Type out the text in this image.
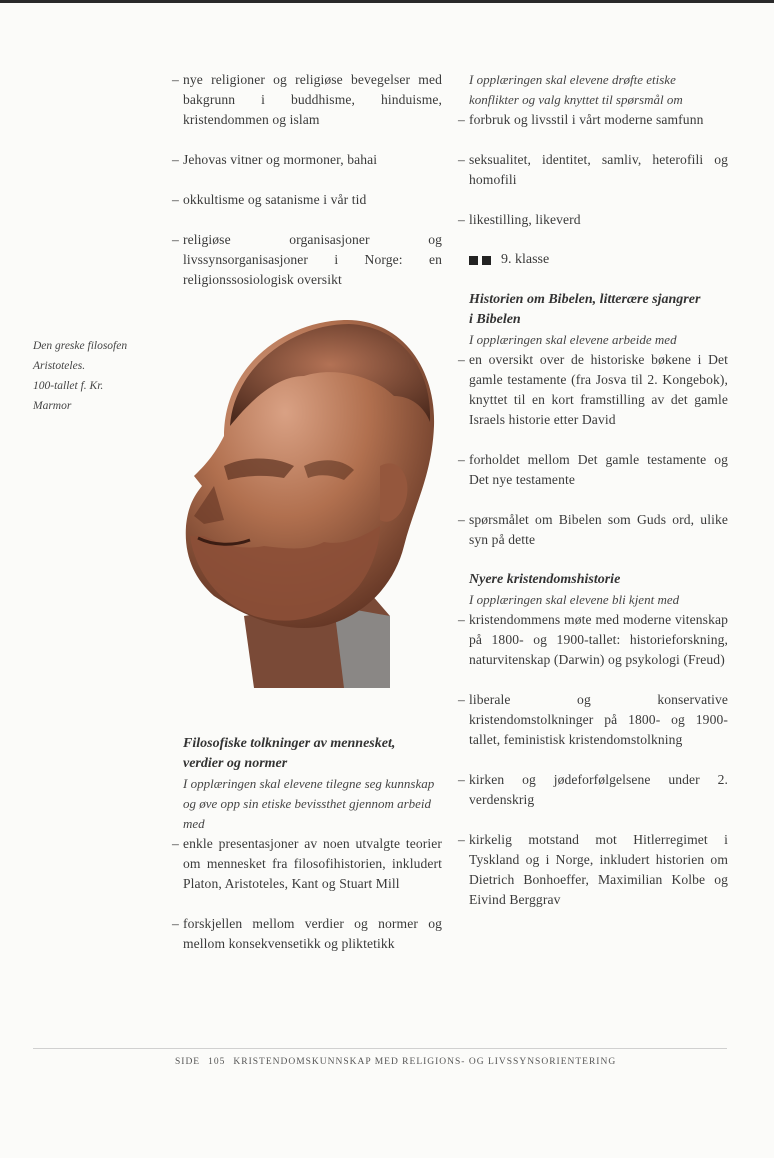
– nye religioner og religiøse bevegelser med bakgrunn i buddhisme, hinduisme, kristendommen og islam
– Jehovas vitner og mormoner, bahai
– okkultisme og satanisme i vår tid
– religiøse organisasjoner og livssynsorganisasjoner i Norge: en religionssosiologisk oversikt
Den greske filosofen
Aristoteles.
100-tallet f. Kr.
Marmor
Filosofiske tolkninger av mennesket,
verdier og normer
I opplæringen skal elevene tilegne seg kunnskap og øve opp sin etiske bevissthet gjennom arbeid med
– enkle presentasjoner av noen utvalgte teorier om mennesket fra filosofihistorien, inkludert Platon, Aristoteles, Kant og Stuart Mill
– forskjellen mellom verdier og normer og mellom konsekvensetikk og pliktetikk
I opplæringen skal elevene drøfte etiske konflikter og valg knyttet til spørsmål om
– forbruk og livsstil i vårt moderne samfunn
– seksualitet, identitet, samliv, heterofili og homofili
– likestilling, likeverd
9. klasse
Historien om Bibelen, litterære sjangrer
i Bibelen
I opplæringen skal elevene arbeide med
– en oversikt over de historiske bøkene i Det gamle testamente (fra Josva til 2. Kongebok), knyttet til en kort framstilling av det gamle Israels historie etter David
– forholdet mellom Det gamle testamente og Det nye testamente
– spørsmålet om Bibelen som Guds ord, ulike syn på dette
Nyere kristendomshistorie
I opplæringen skal elevene bli kjent med
– kristendommens møte med moderne vitenskap på 1800- og 1900-tallet: historieforskning, naturvitenskap (Darwin) og psykologi (Freud)
– liberale og konservative kristendomstolkninger på 1800- og 1900-tallet, feministisk kristendomstolkning
– kirken og jødeforfølgelsene under 2. verdenskrig
– kirkelig motstand mot Hitlerregimet i Tyskland og i Norge, inkludert historien om Dietrich Bonhoeffer, Maximilian Kolbe og Eivind Berggrav
SIDE 105 KRISTENDOMSKUNNSKAP MED RELIGIONS- OG LIVSSYNSORIENTERING
